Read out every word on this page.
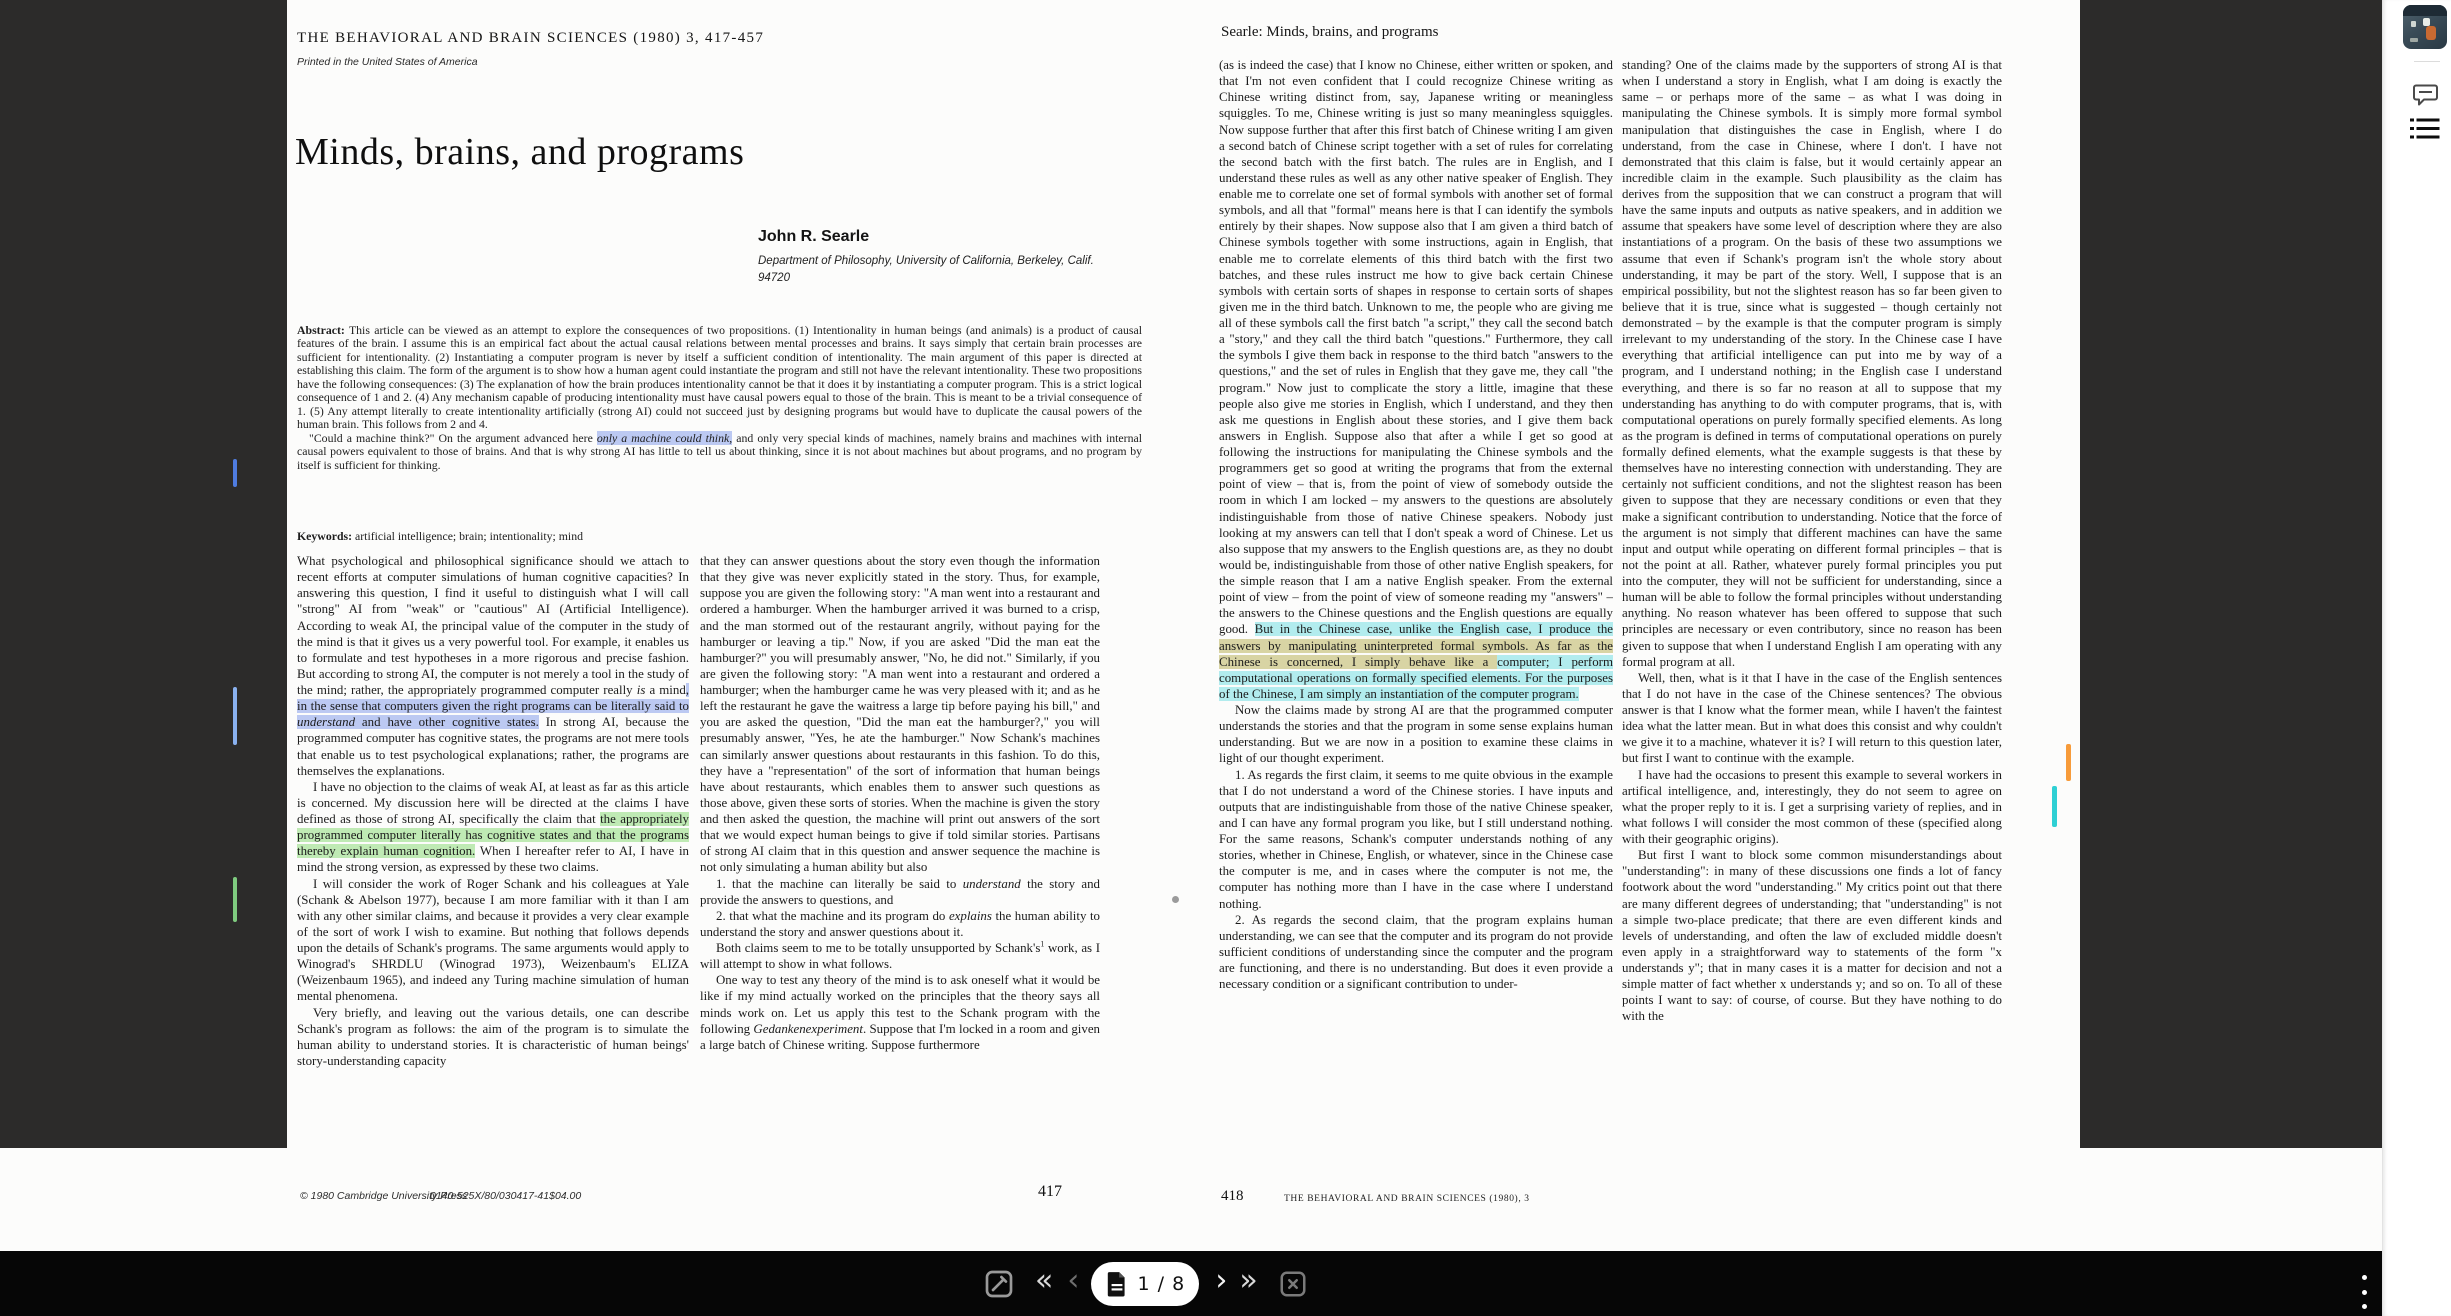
THE BEHAVIORAL AND BRAIN SCIENCES (1980) 3, 417-457
Printed in the United States of America
Minds, brains, and programs
John R. Searle
Department of Philosophy, University of California, Berkeley, Calif.
94720

Abstract: This article can be viewed as an attempt to explore the consequences of two propositions. (1) Intentionality in human beings (and animals) is a product of causal features of the brain. I assume this is an empirical fact about the actual causal relations between mental processes and brains. It says simply that certain brain processes are sufficient for intentionality. (2) Instantiating a computer program is never by itself a sufficient condition of intentionality. The main argument of this paper is directed at establishing this claim. The form of the argument is to show how a human agent could instantiate the program and still not have the relevant intentionality. These two propositions have the following consequences: (3) The explanation of how the brain produces intentionality cannot be that it does it by instantiating a computer program. This is a strict logical consequence of 1 and 2. (4) Any mechanism capable of producing intentionality must have causal powers equal to those of the brain. This is meant to be a trivial consequence of 1. (5) Any attempt literally to create intentionality artificially (strong AI) could not succeed just by designing programs but would have to duplicate the causal powers of the human brain. This follows from 2 and 4.

"Could a machine think?" On the argument advanced here only a machine could think, and only very special kinds of machines, namely brains and machines with internal causal powers equivalent to those of brains. And that is why strong AI has little to tell us about thinking, since it is not about machines but about programs, and no program by itself is sufficient for thinking.

Keywords: artificial intelligence; brain; intentionality; mind

What psychological and philosophical significance should we attach to recent efforts at computer simulations of human cognitive capacities? In answering this question, I find it useful to distinguish what I will call "strong" AI from "weak" or "cautious" AI (Artificial Intelligence). According to weak AI, the principal value of the computer in the study of the mind is that it gives us a very powerful tool. For example, it enables us to formulate and test hypotheses in a more rigorous and precise fashion. But according to strong AI, the computer is not merely a tool in the study of the mind; rather, the appropriately programmed computer really is a mind, in the sense that computers given the right programs can be literally said to understand and have other cognitive states. In strong AI, because the programmed computer has cognitive states, the programs are not mere tools that enable us to test psychological explanations; rather, the programs are themselves the explanations.

I have no objection to the claims of weak AI, at least as far as this article is concerned. My discussion here will be directed at the claims I have defined as those of strong AI, specifically the claim that the appropriately programmed computer literally has cognitive states and that the programs thereby explain human cognition. When I hereafter refer to AI, I have in mind the strong version, as expressed by these two claims.

I will consider the work of Roger Schank and his colleagues at Yale (Schank & Abelson 1977), because I am more familiar with it than I am with any other similar claims, and because it provides a very clear example of the sort of work I wish to examine. But nothing that follows depends upon the details of Schank's programs. The same arguments would apply to Winograd's SHRDLU (Winograd 1973), Weizenbaum's ELIZA (Weizenbaum 1965), and indeed any Turing machine simulation of human mental phenomena.

Very briefly, and leaving out the various details, one can describe Schank's program as follows: the aim of the program is to simulate the human ability to understand stories. It is characteristic of human beings' story-understanding capacity

that they can answer questions about the story even though the information that they give was never explicitly stated in the story. Thus, for example, suppose you are given the following story: "A man went into a restaurant and ordered a hamburger. When the hamburger arrived it was burned to a crisp, and the man stormed out of the restaurant angrily, without paying for the hamburger or leaving a tip." Now, if you are asked "Did the man eat the hamburger?" you will presumably answer, "No, he did not." Similarly, if you are given the following story: "A man went into a restaurant and ordered a hamburger; when the hamburger came he was very pleased with it; and as he left the restaurant he gave the waitress a large tip before paying his bill," and you are asked the question, "Did the man eat the hamburger?," you will presumably answer, "Yes, he ate the hamburger." Now Schank's machines can similarly answer questions about restaurants in this fashion. To do this, they have a "representation" of the sort of information that human beings have about restaurants, which enables them to answer such questions as those above, given these sorts of stories. When the machine is given the story and then asked the question, the machine will print out answers of the sort that we would expect human beings to give if told similar stories. Partisans of strong AI claim that in this question and answer sequence the machine is not only simulating a human ability but also

1. that the machine can literally be said to understand the story and provide the answers to questions, and

2. that what the machine and its program do explains the human ability to understand the story and answer questions about it.

Both claims seem to me to be totally unsupported by $Schank's^1$ work, as I will attempt to show in what follows.

One way to test any theory of the mind is to ask oneself what it would be like if my mind actually worked on the principles that the theory says all minds work on. Let us apply this test to the Schank program with the following Gedankenexperiment. Suppose that I'm locked in a room and given a large batch of Chinese writing. Suppose furthermore

© 1980 Cambridge University Press
0140-525X/80/030417-41$04.00	417
Searle: Minds, brains, and programs

(as is indeed the case) that I know no Chinese, either written or spoken, and that I'm not even confident that I could recognize Chinese writing as Chinese writing distinct from, say, Japanese writing or meaningless squiggles. To me, Chinese writing is just so many meaningless squiggles. Now suppose further that after this first batch of Chinese writing I am given a second batch of Chinese script together with a set of rules for correlating the second batch with the first batch. The rules are in English, and I understand these rules as well as any other native speaker of English. They enable me to correlate one set of formal symbols with another set of formal symbols, and all that "formal" means here is that I can identify the symbols entirely by their shapes. Now suppose also that I am given a third batch of Chinese symbols together with some instructions, again in English, that enable me to correlate elements of this third batch with the first two batches, and these rules instruct me how to give back certain Chinese symbols with certain sorts of shapes in response to certain sorts of shapes given me in the third batch. Unknown to me, the people who are giving me all of these symbols call the first batch "a script," they call the second batch a "story," and they call the third batch "questions." Furthermore, they call the symbols I give them back in response to the third batch "answers to the questions," and the set of rules in English that they gave me, they call "the program." Now just to complicate the story a little, imagine that these people also give me stories in English, which I understand, and they then ask me questions in English about these stories, and I give them back answers in English. Suppose also that after a while I get so good at following the instructions for manipulating the Chinese symbols and the programmers get so good at writing the programs that from the external point of view – that is, from the point of view of somebody outside the room in which I am locked – my answers to the questions are absolutely indistinguishable from those of native Chinese speakers. Nobody just looking at my answers can tell that I don't speak a word of Chinese. Let us also suppose that my answers to the English questions are, as they no doubt would be, indistinguishable from those of other native English speakers, for the simple reason that I am a native English speaker. From the external point of view – from the point of view of someone reading my "answers" – the answers to the Chinese questions and the English questions are equally good. But in the Chinese case, unlike the English case, I produce the answers by manipulating uninterpreted formal symbols. As far as the Chinese is concerned, I simply behave like a computer; I perform computational operations on formally specified elements. For the purposes of the Chinese, I am simply an instantiation of the computer program.

Now the claims made by strong AI are that the programmed computer understands the stories and that the program in some sense explains human understanding. But we are now in a position to examine these claims in light of our thought experiment.

1. As regards the first claim, it seems to me quite obvious in the example that I do not understand a word of the Chinese stories. I have inputs and outputs that are indistinguishable from those of the native Chinese speaker, and I can have any formal program you like, but I still understand nothing. For the same reasons, Schank's computer understands nothing of any stories, whether in Chinese, English, or whatever, since in the Chinese case the computer is me, and in cases where the computer is not me, the computer has nothing more than I have in the case where I understand nothing.

2. As regards the second claim, that the program explains human understanding, we can see that the computer and its program do not provide sufficient conditions of understanding since the computer and the program are functioning, and there is no understanding. But does it even provide a necessary condition or a significant contribution to under-

standing? One of the claims made by the supporters of strong AI is that when I understand a story in English, what I am doing is exactly the same – or perhaps more of the same – as what I was doing in manipulating the Chinese symbols. It is simply more formal symbol manipulation that distinguishes the case in English, where I do understand, from the case in Chinese, where I don't. I have not demonstrated that this claim is false, but it would certainly appear an incredible claim in the example. Such plausibility as the claim has derives from the supposition that we can construct a program that will have the same inputs and outputs as native speakers, and in addition we assume that speakers have some level of description where they are also instantiations of a program. On the basis of these two assumptions we assume that even if Schank's program isn't the whole story about understanding, it may be part of the story. Well, I suppose that is an empirical possibility, but not the slightest reason has so far been given to believe that it is true, since what is suggested – though certainly not demonstrated – by the example is that the computer program is simply irrelevant to my understanding of the story. In the Chinese case I have everything that artificial intelligence can put into me by way of a program, and I understand nothing; in the English case I understand everything, and there is so far no reason at all to suppose that my understanding has anything to do with computer programs, that is, with computational operations on purely formally specified elements. As long as the program is defined in terms of computational operations on purely formally defined elements, what the example suggests is that these by themselves have no interesting connection with understanding. They are certainly not sufficient conditions, and not the slightest reason has been given to suppose that they are necessary conditions or even that they make a significant contribution to understanding. Notice that the force of the argument is not simply that different machines can have the same input and output while operating on different formal principles – that is not the point at all. Rather, whatever purely formal principles you put into the computer, they will not be sufficient for understanding, since a human will be able to follow the formal principles without understanding anything. No reason whatever has been offered to suppose that such principles are necessary or even contributory, since no reason has been given to suppose that when I understand English I am operating with any formal program at all.

Well, then, what is it that I have in the case of the English sentences that I do not have in the case of the Chinese sentences? The obvious answer is that I know what the former mean, while I haven't the faintest idea what the latter mean. But in what does this consist and why couldn't we give it to a machine, whatever it is? I will return to this question later, but first I want to continue with the example.

I have had the occasions to present this example to several workers in artifical intelligence, and, interestingly, they do not seem to agree on what the proper reply to it is. I get a surprising variety of replies, and in what follows I will consider the most common of these (specified along with their geographic origins).

But first I want to block some common misunderstandings about "understanding": in many of these discussions one finds a lot of fancy footwork about the word "understanding." My critics point out that there are many different degrees of understanding; that "understanding" is not a simple two-place predicate; that there are even different kinds and levels of understanding, and often the law of excluded middle doesn't even apply in a straightforward way to statements of the form "x understands y"; that in many cases it is a matter for decision and not a simple matter of fact whether x understands y; and so on. To all of these points I want to say: of course, of course. But they have nothing to do with the

418	THE BEHAVIORAL AND BRAIN SCIENCES (1980), 3
« ‹	1 / 8 › »
